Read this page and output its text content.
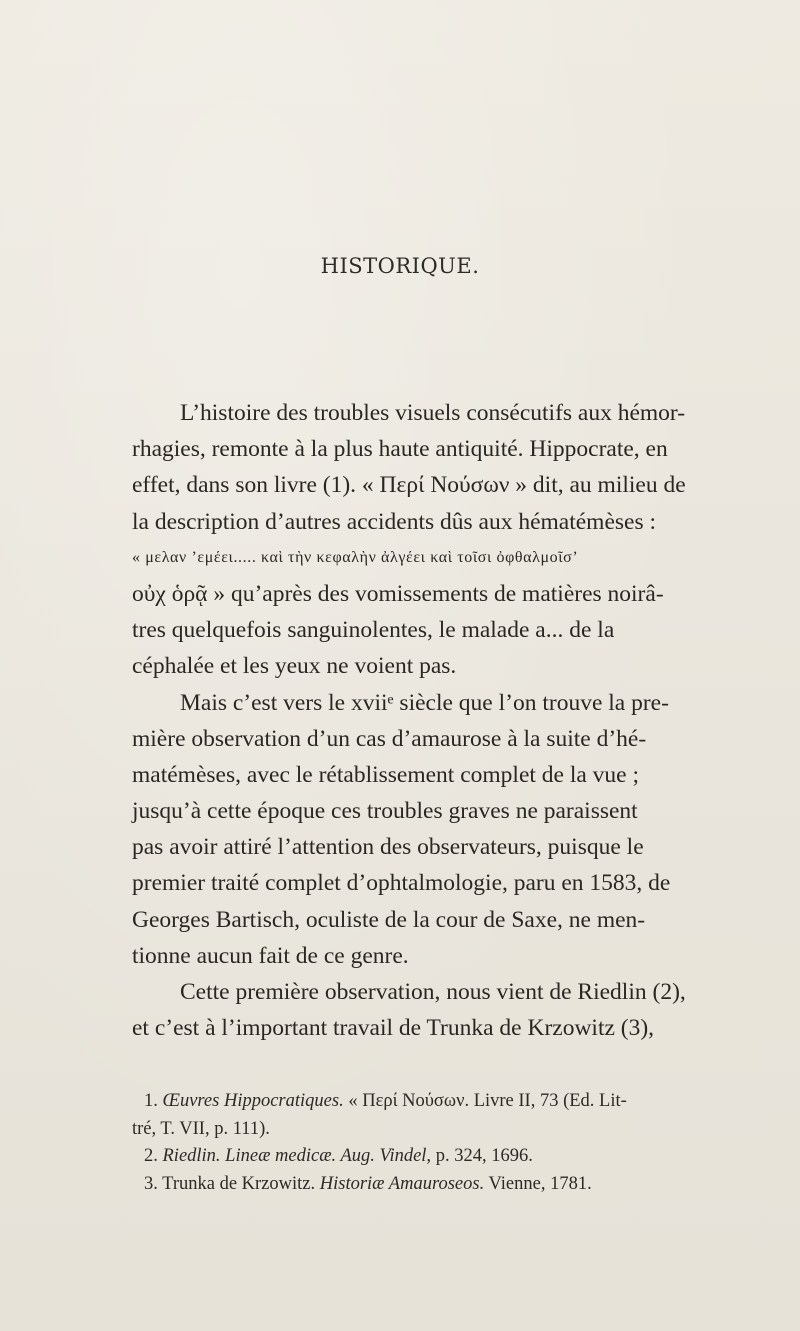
HISTORIQUE.
L’histoire des troubles visuels consécutifs aux hémor-
rhagies, remonte à la plus haute antiquité. Hippocrate, en
effet, dans son livre (1). « Περί Νούσων » dit, au milieu de
la description d’autres accidents dûs aux hématémèses :
« μελαν ’εμέει..... καὶ τὴν κεφαλὴν ἀλγέει καὶ τοῖσι ὀφθαλμοῖσ’
οὐχ ὁρᾷ » qu’après des vomissements de matières noirâ-
tres quelquefois sanguinolentes, le malade a... de la
céphalée et les yeux ne voient pas.
Mais c’est vers le xviiᵉ siècle que l’on trouve la pre-
mière observation d’un cas d’amaurose à la suite d’hé-
matémèses, avec le rétablissement complet de la vue ;
jusqu’à cette époque ces troubles graves ne paraissent
pas avoir attiré l’attention des observateurs, puisque le
premier traité complet d’ophtalmologie, paru en 1583, de
Georges Bartisch, oculiste de la cour de Saxe, ne men-
tionne aucun fait de ce genre.
Cette première observation, nous vient de Riedlin (2),
et c’est à l’important travail de Trunka de Krzowitz (3),
1. Œuvres Hippocratiques. « Περί Νούσων. Livre II, 73 (Ed. Lit-
tré, T. VII, p. 111).
2. Riedlin. Lineæ medicæ. Aug. Vindel, p. 324, 1696.
3. Trunka de Krzowitz. Historiæ Amauroseos. Vienne, 1781.
